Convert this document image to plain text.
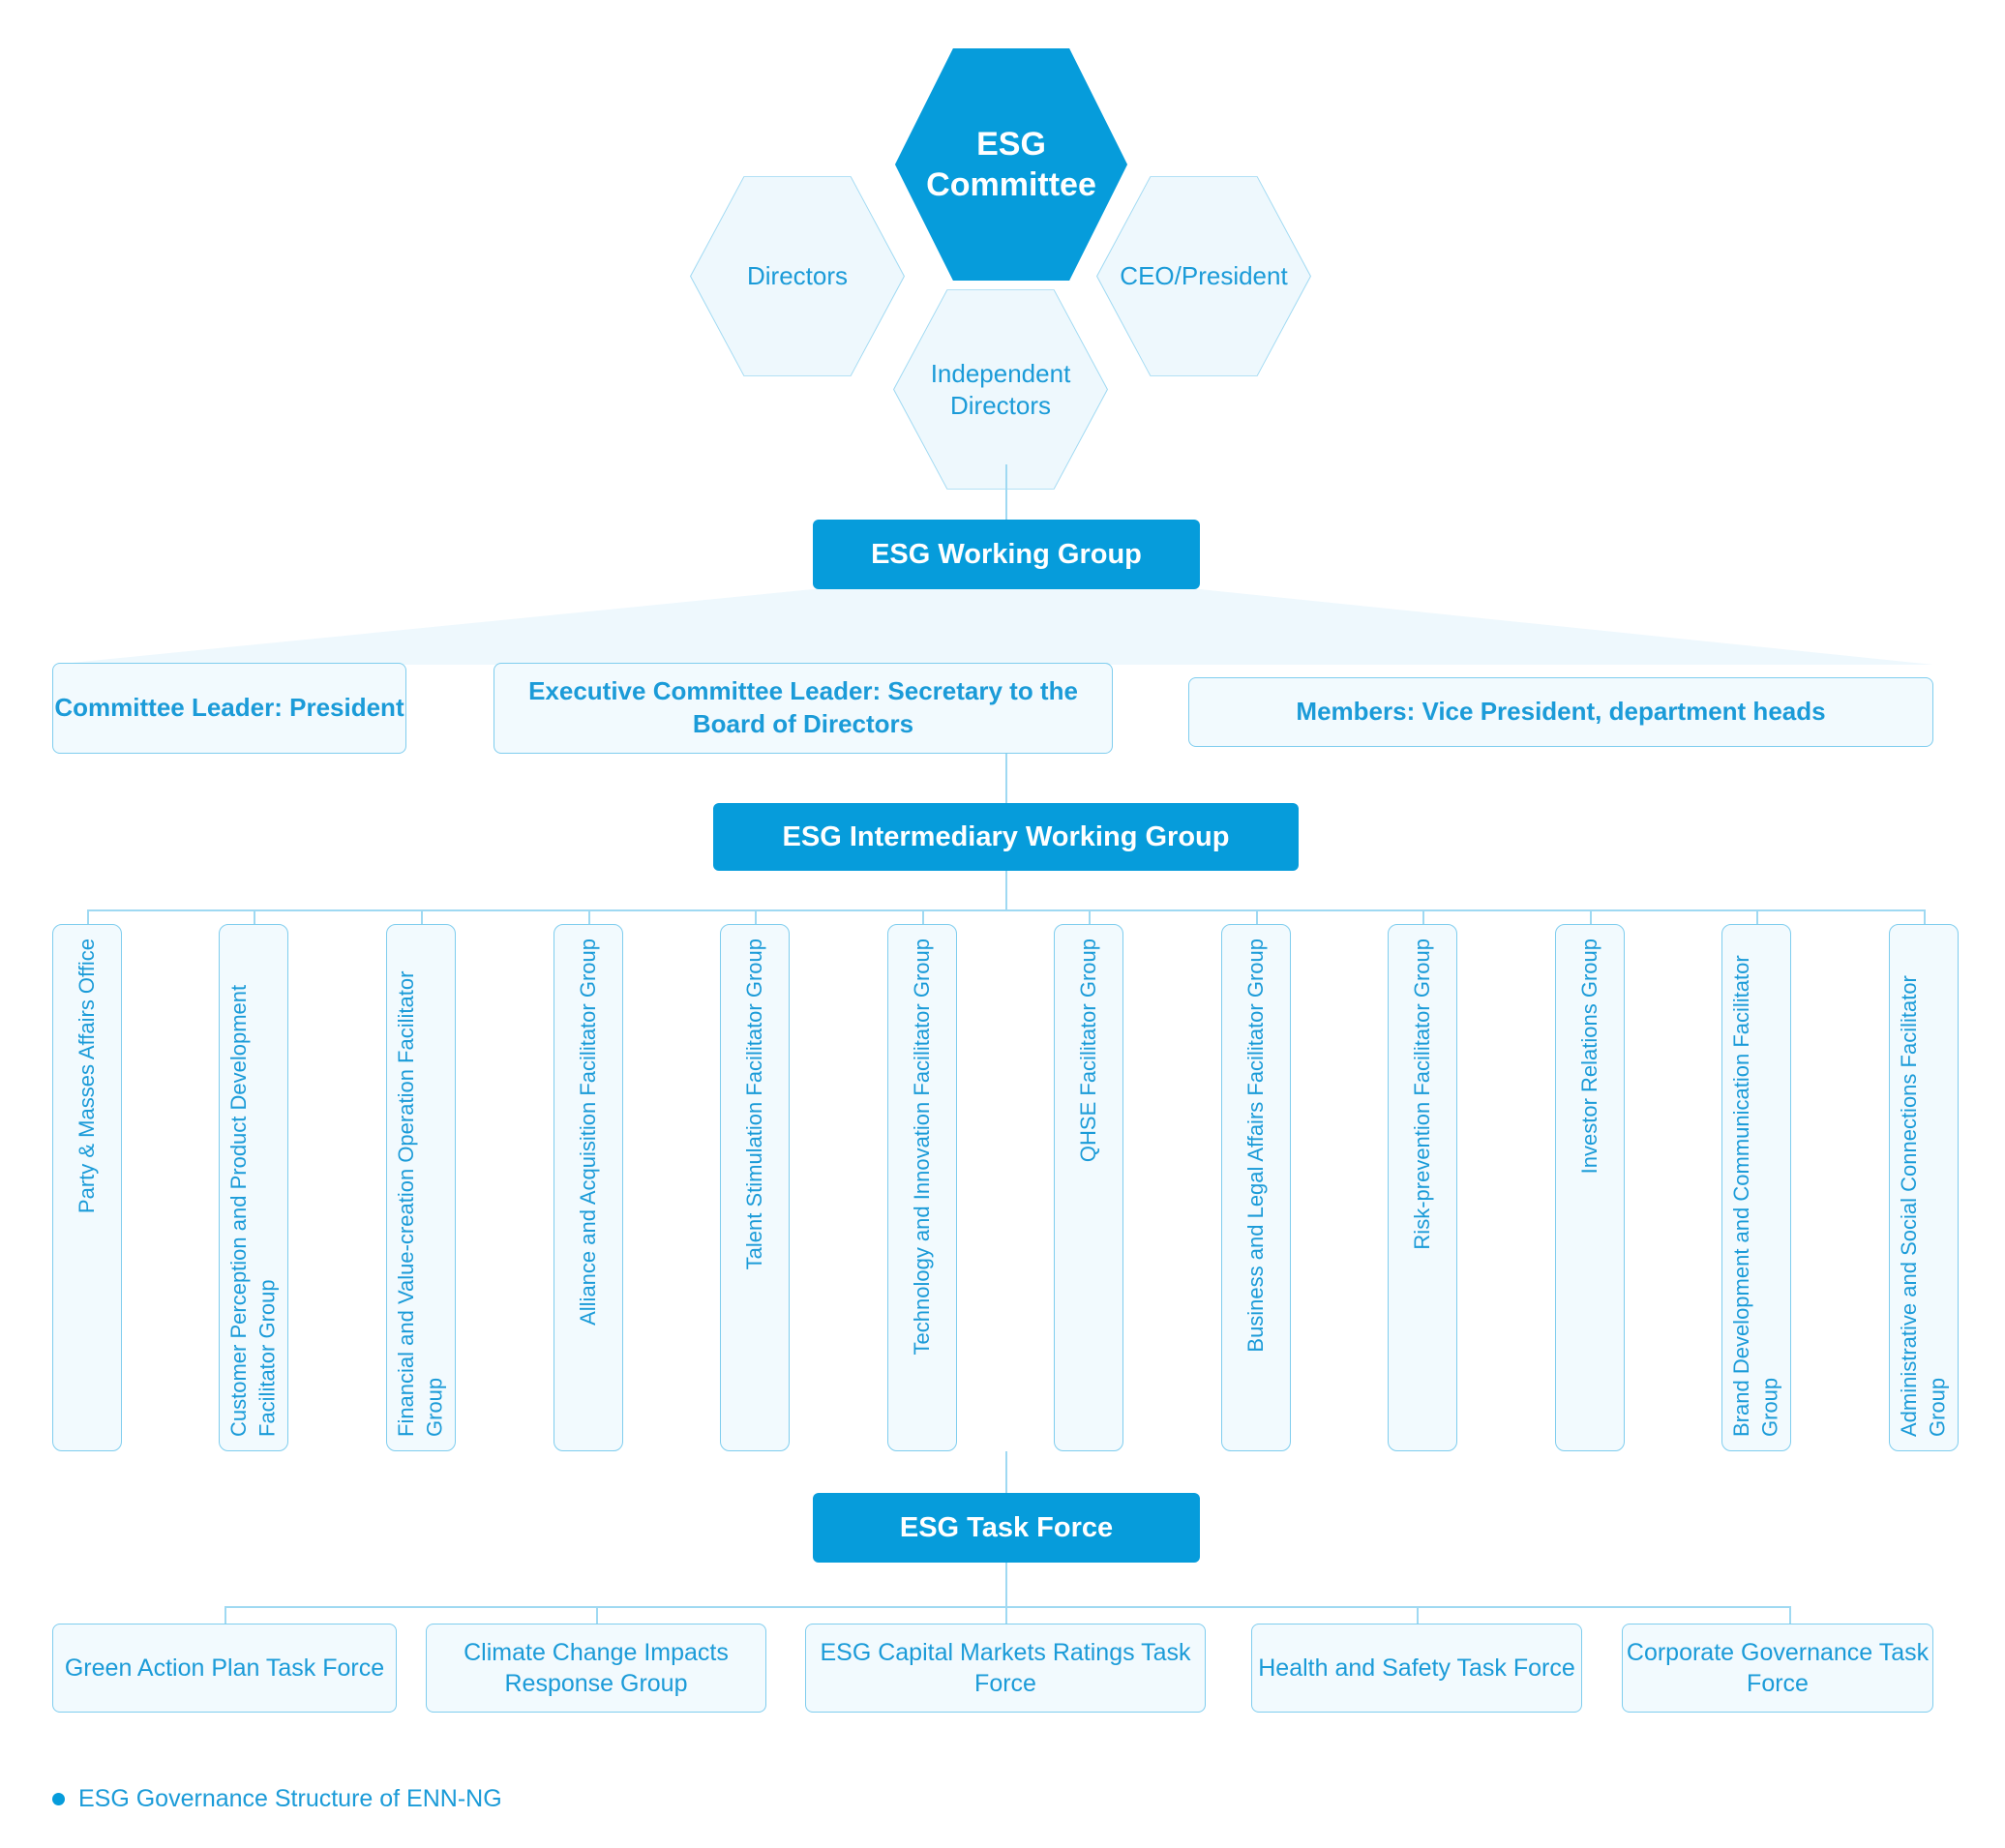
Directors
Independent Directors
CEO/President
ESG Committee
ESG Working Group
Committee Leader: President
Executive Committee Leader: Secretary to the Board of Directors	Members: Vice President, department heads
ESG Intermediary Working Group
Party & Masses Affairs Office	Customer Perception and Product Development Facilitator Group	Financial and Value-creation Operation Facilitator Group
Alliance and Acquisition Facilitator Group	Talent Stimulation Facilitator Group	Technology and Innovation Facilitator Group	QHSE Facilitator Group	Business and Legal Affairs Facilitator Group	Risk-prevention Facilitator Group	Investor Relations Group	Brand Development and Communication Facilitator Group	Administrative and Social Connections Facilitator Group
ESG Task Force
Green Action Plan Task Force
Climate Change Impacts Response Group
ESG Capital Markets Ratings Task Force
Health and Safety Task Force
Corporate Governance Task Force
ESG Governance Structure of ENN-NG
